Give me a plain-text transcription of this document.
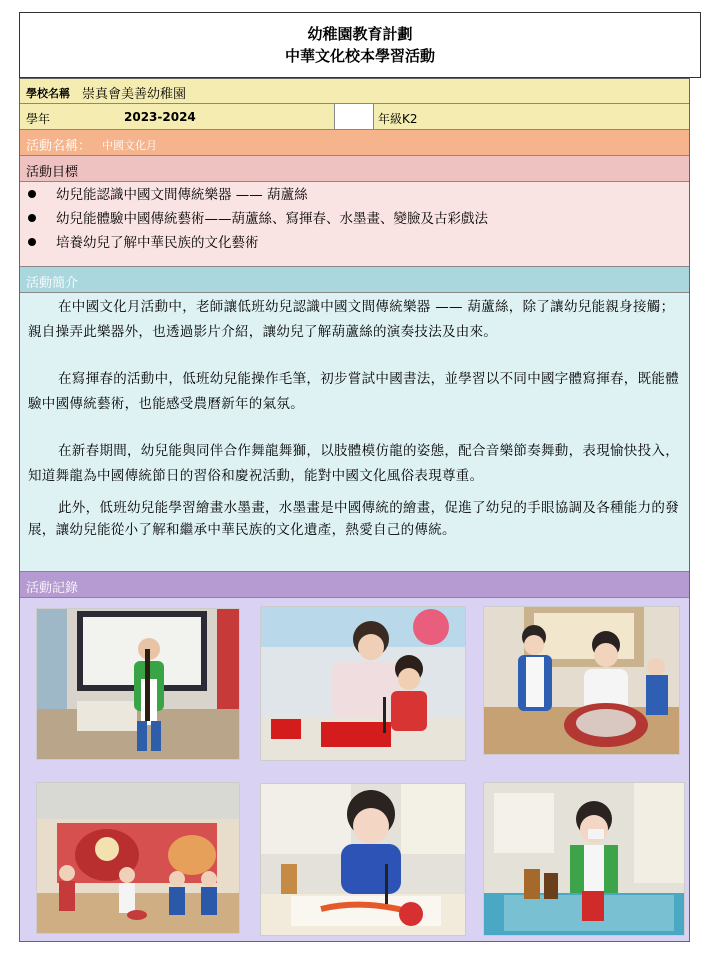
幼稚園教育計劃
中華文化校本學習活動
學校名稱 崇真會美善幼稚園
學年	2023-2024	年級K2
活動名稱： 中國文化月
活動目標
幼兒能認識中國文間傳統樂器 —— 葫蘆絲
幼兒能體驗中國傳統藝術——葫蘆絲、寫揮春、水墨畫、變臉及古彩戲法
培養幼兒了解中華民族的文化藝術
活動簡介
在中國文化月活動中，老師讓低班幼兒認識中國文間傳統樂器 —— 葫蘆絲，除了讓幼兒能親身接觸；親自操弄此樂器外，也透過影片介紹，讓幼兒了解葫蘆絲的演奏技法及由來。
在寫揮春的活動中，低班幼兒能操作毛筆，初步嘗試中國書法，並學習以不同中國字體寫揮春，既能體驗中國傳統藝術，也能感受農曆新年的氣氛。
在新春期間，幼兒能與同伴合作舞龍舞獅，以肢體模仿龍的姿態，配合音樂節奏舞動，表現愉快投入，知道舞龍為中國傳統節日的習俗和慶祝活動，能對中國文化風俗表現尊重。
此外，低班幼兒能學習繪畫水墨畫，水墨畫是中國傳統的繪畫，促進了幼兒的手眼協調及各種能力的發展，讓幼兒能從小了解和繼承中華民族的文化遺產，熱愛自己的傳統。
活動記錄
